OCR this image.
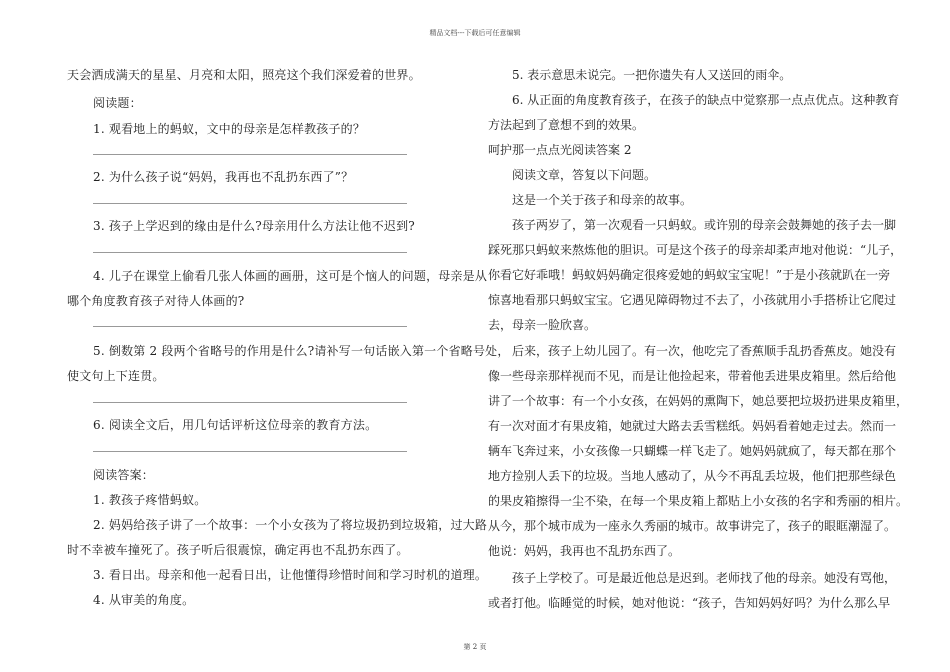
精品文档---下载后可任意编辑
天会洒成满天的星星、月亮和太阳，照亮这个我们深爱着的世界。
阅读题：
1. 观看地上的蚂蚁，文中的母亲是怎样教孩子的？
2. 为什么孩子说“妈妈，我再也不乱扔东西了”？
3. 孩子上学迟到的缘由是什么?母亲用什么方法让他不迟到?
4. 儿子在课堂上偷看几张人体画的画册，这可是个恼人的问题，母亲是从
哪个角度教育孩子对待人体画的?
5. 倒数第 2 段两个省略号的作用是什么?请补写一句话嵌入第一个省略号处，
使文句上下连贯。
6. 阅读全文后，用几句话评析这位母亲的教育方法。
阅读答案：
1. 教孩子疼惜蚂蚁。
2. 妈妈给孩子讲了一个故事：一个小女孩为了将垃圾扔到垃圾箱，过大路
时不幸被车撞死了。孩子听后很震惊，确定再也不乱扔东西了。
3. 看日出。母亲和他一起看日出，让他懂得珍惜时间和学习时机的道理。
4. 从审美的角度。
5. 表示意思未说完。一把你遗失有人又送回的雨伞。
6. 从正面的角度教育孩子，在孩子的缺点中觉察那一点点优点。这种教育
方法起到了意想不到的效果。
呵护那一点点光阅读答案 2
阅读文章，答复以下问题。
这是一个关于孩子和母亲的故事。
孩子两岁了，第一次观看一只蚂蚁。或许别的母亲会鼓舞她的孩子去一脚
踩死那只蚂蚁来熬炼他的胆识。可是这个孩子的母亲却柔声地对他说：“儿子，
你看它好乖哦！蚂蚁妈妈确定很疼爱她的蚂蚁宝宝呢！”于是小孩就趴在一旁
惊喜地看那只蚂蚁宝宝。它遇见障碍物过不去了，小孩就用小手搭桥让它爬过
去，母亲一脸欣喜。
后来，孩子上幼儿园了。有一次，他吃完了香蕉顺手乱扔香蕉皮。她没有
像一些母亲那样视而不见，而是让他捡起来，带着他丢进果皮箱里。然后给他
讲了一个故事：有一个小女孩，在妈妈的熏陶下，她总要把垃圾扔进果皮箱里，
有一次对面才有果皮箱，她就过大路去丢雪糕纸。妈妈看着她走过去。然而一
辆车飞奔过来，小女孩像一只蝴蝶一样飞走了。她妈妈就疯了，每天都在那个
地方捡别人丢下的垃圾。当地人感动了，从今不再乱丢垃圾，他们把那些绿色
的果皮箱擦得一尘不染，在每一个果皮箱上都贴上小女孩的名字和秀丽的相片。
从今，那个城市成为一座永久秀丽的城市。故事讲完了，孩子的眼眶潮湿了。
他说：妈妈，我再也不乱扔东西了。
孩子上学校了。可是最近他总是迟到。老师找了他的母亲。她没有骂他，
或者打他。临睡觉的时候，她对他说：“孩子，告知妈妈好吗？为什么那么早
第 2 页
